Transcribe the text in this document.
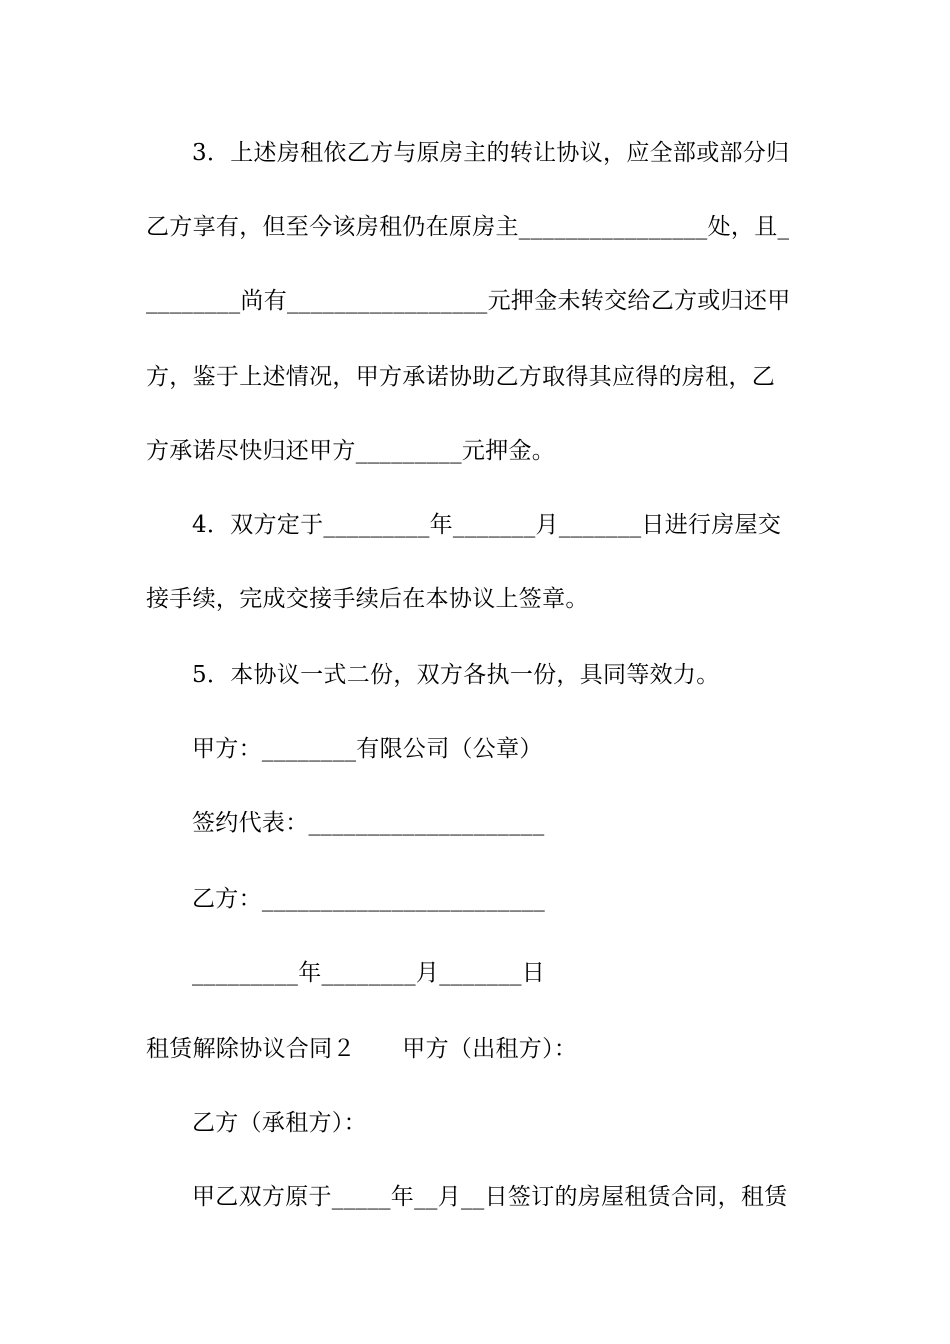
3．上述房租依乙方与原房主的转让协议，应全部或部分归
乙方享有，但至今该房租仍在原房主________________处，且_
________尚有_________________元押金未转交给乙方或归还甲
方，鉴于上述情况，甲方承诺协助乙方取得其应得的房租，乙
方承诺尽快归还甲方_________元押金。
4．双方定于_________年_______月_______日进行房屋交
接手续，完成交接手续后在本协议上签章。
5．本协议一式二份，双方各执一份，具同等效力。
甲方：________有限公司（公章）
签约代表：____________________
乙方：________________________
_________年________月_______日
租赁解除协议合同２　　甲方（出租方）：
乙方（承租方）：
甲乙双方原于_____年__月__日签订的房屋租赁合同，租赁
